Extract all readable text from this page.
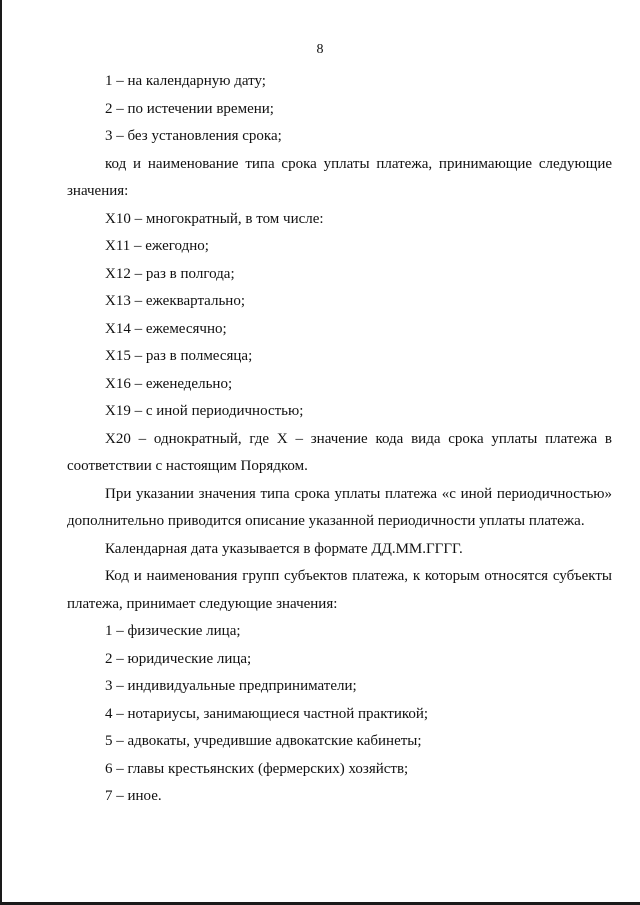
8

1 – на календарную дату;

2 – по истечении времени;

3 – без установления срока;

код и наименование типа срока уплаты платежа, принимающие следующие значения:

X10 – многократный, в том числе:

X11 – ежегодно;

X12 – раз в полгода;

X13 – ежеквартально;

X14 – ежемесячно;

X15 – раз в полмесяца;

X16 – еженедельно;

X19 – с иной периодичностью;

X20 – однократный, где X – значение кода вида срока уплаты платежа в соответствии с настоящим Порядком.

При указании значения типа срока уплаты платежа «с иной периодичностью» дополнительно приводится описание указанной периодичности уплаты платежа.

Календарная дата указывается в формате ДД.ММ.ГГГГ.

Код и наименования групп субъектов платежа, к которым относятся субъекты платежа, принимает следующие значения:

1 – физические лица;

2 – юридические лица;

3 – индивидуальные предприниматели;

4 – нотариусы, занимающиеся частной практикой;

5 – адвокаты, учредившие адвокатские кабинеты;

6 – главы крестьянских (фермерских) хозяйств;

7 – иное.
